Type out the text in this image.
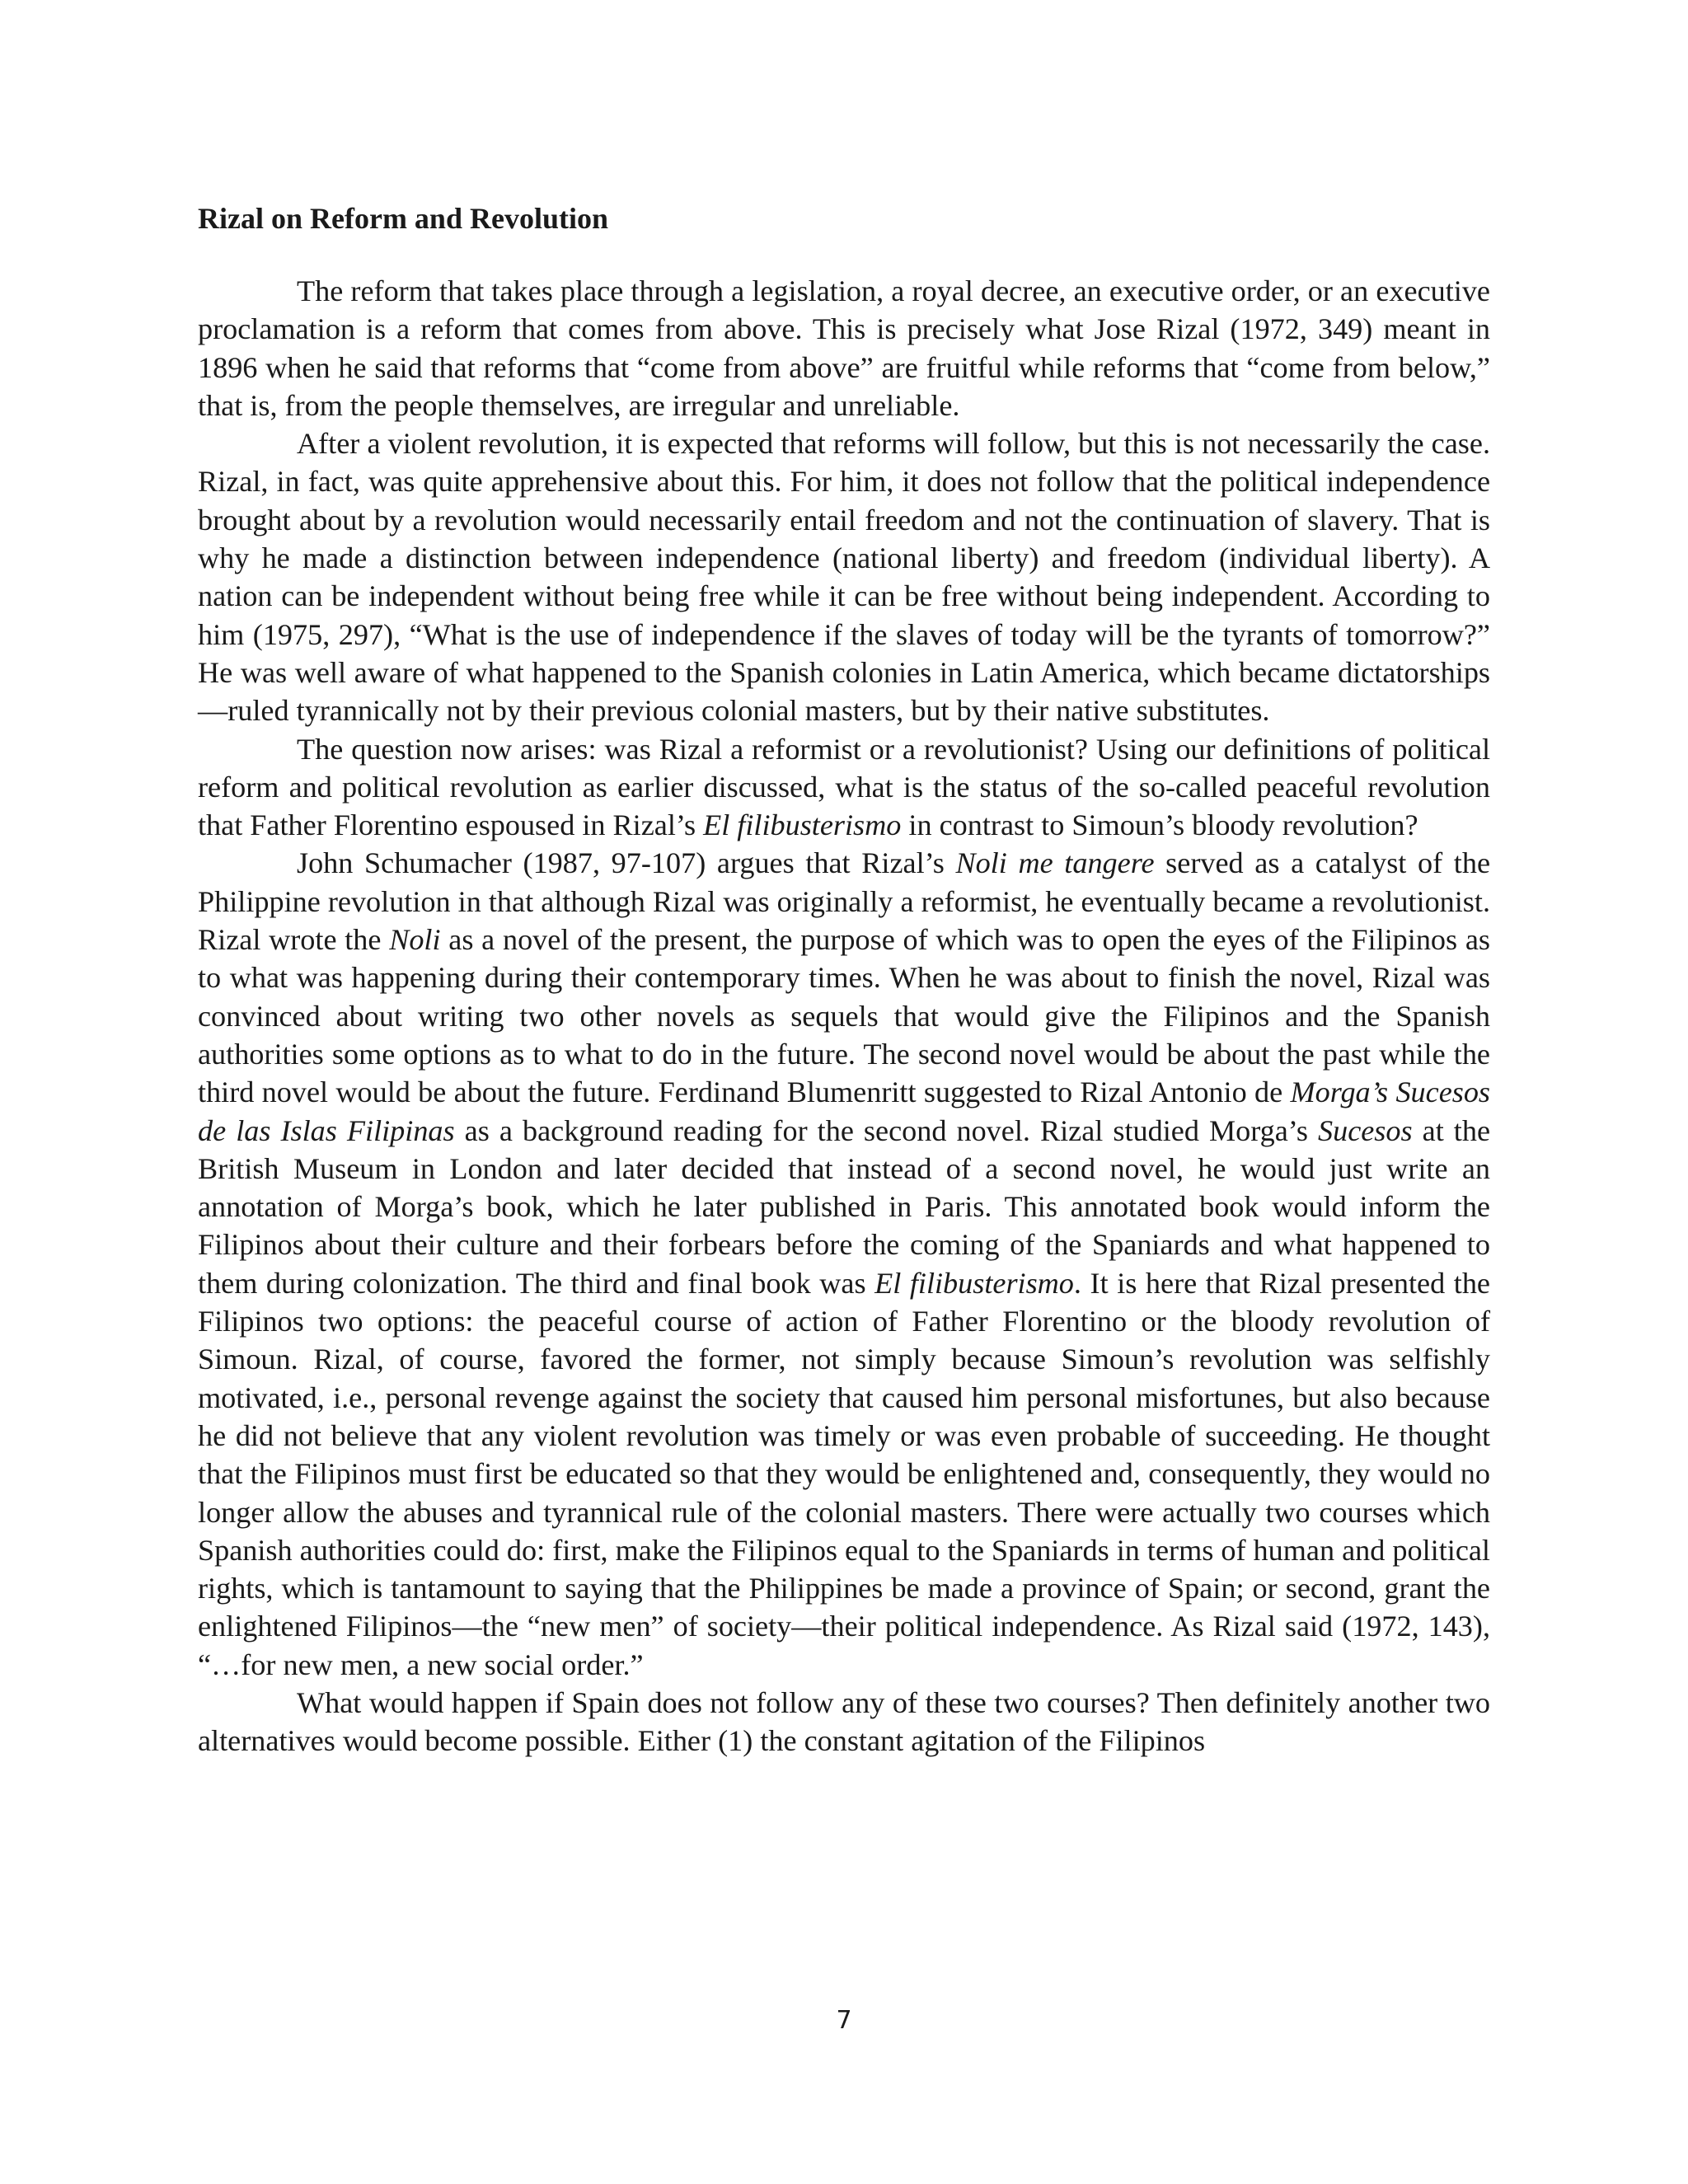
Rizal on Reform and Revolution

The reform that takes place through a legislation, a royal decree, an executive order, or an executive proclamation is a reform that comes from above. This is precisely what Jose Rizal (1972, 349) meant in 1896 when he said that reforms that “come from above” are fruitful while reforms that “come from below,” that is, from the people themselves, are irregular and unreliable.

After a violent revolution, it is expected that reforms will follow, but this is not necessarily the case. Rizal, in fact, was quite apprehensive about this. For him, it does not follow that the political independence brought about by a revolution would necessarily entail freedom and not the continuation of slavery. That is why he made a distinction between independence (national liberty) and freedom (individual liberty). A nation can be independent without being free while it can be free without being independent. According to him (1975, 297), “What is the use of independence if the slaves of today will be the tyrants of tomorrow?” He was well aware of what happened to the Spanish colonies in Latin America, which became dictatorships—ruled tyrannically not by their previous colonial masters, but by their native substitutes.

The question now arises: was Rizal a reformist or a revolutionist? Using our definitions of political reform and political revolution as earlier discussed, what is the status of the so-called peaceful revolution that Father Florentino espoused in Rizal’s El filibusterismo in contrast to Simoun’s bloody revolution?

John Schumacher (1987, 97-107) argues that Rizal’s Noli me tangere served as a catalyst of the Philippine revolution in that although Rizal was originally a reformist, he eventually became a revolutionist. Rizal wrote the Noli as a novel of the present, the purpose of which was to open the eyes of the Filipinos as to what was happening during their contemporary times. When he was about to finish the novel, Rizal was convinced about writing two other novels as sequels that would give the Filipinos and the Spanish authorities some options as to what to do in the future. The second novel would be about the past while the third novel would be about the future. Ferdinand Blumenritt suggested to Rizal Antonio de Morga’s Sucesos de las Islas Filipinas as a background reading for the second novel. Rizal studied Morga’s Sucesos at the British Museum in London and later decided that instead of a second novel, he would just write an annotation of Morga’s book, which he later published in Paris. This annotated book would inform the Filipinos about their culture and their forbears before the coming of the Spaniards and what happened to them during colonization. The third and final book was El filibusterismo. It is here that Rizal presented the Filipinos two options: the peaceful course of action of Father Florentino or the bloody revolution of Simoun. Rizal, of course, favored the former, not simply because Simoun’s revolution was selfishly motivated, i.e., personal revenge against the society that caused him personal misfortunes, but also because he did not believe that any violent revolution was timely or was even probable of succeeding. He thought that the Filipinos must first be educated so that they would be enlightened and, consequently, they would no longer allow the abuses and tyrannical rule of the colonial masters. There were actually two courses which Spanish authorities could do: first, make the Filipinos equal to the Spaniards in terms of human and political rights, which is tantamount to saying that the Philippines be made a province of Spain; or second, grant the enlightened Filipinos—the “new men” of society—their political independence. As Rizal said (1972, 143), “…for new men, a new social order.”

What would happen if Spain does not follow any of these two courses? Then definitely another two alternatives would become possible. Either (1) the constant agitation of the Filipinos

7
